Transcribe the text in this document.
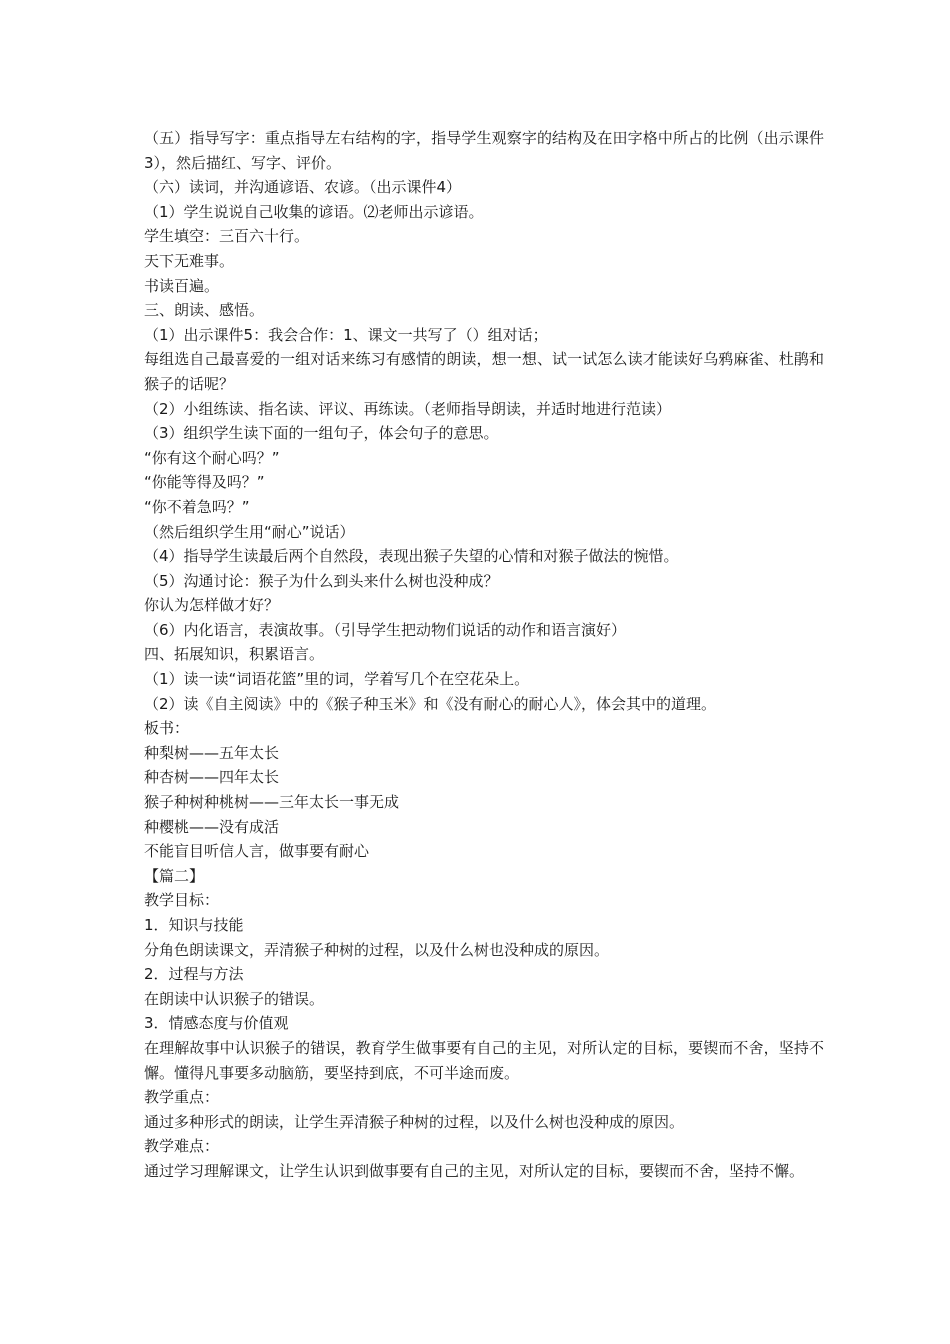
（五）指导写字：重点指导左右结构的字，指导学生观察字的结构及在田字格中所占的比例（出示课件3），然后描红、写字、评价。

（六）读词，并沟通谚语、农谚。（出示课件4）

（1）学生说说自己收集的谚语。⑵老师出示谚语。

学生填空：三百六十行。

天下无难事。

书读百遍。

三、朗读、感悟。

（1）出示课件5：我会合作：1、课文一共写了（）组对话；

每组选自己最喜爱的一组对话来练习有感情的朗读，想一想、试一试怎么读才能读好乌鸦麻雀、杜鹃和猴子的话呢？

（2）小组练读、指名读、评议、再练读。（老师指导朗读，并适时地进行范读）

（3）组织学生读下面的一组句子，体会句子的意思。

“你有这个耐心吗？”

“你能等得及吗？”

“你不着急吗？”

（然后组织学生用“耐心”说话）

（4）指导学生读最后两个自然段，表现出猴子失望的心情和对猴子做法的惋惜。

（5）沟通讨论：猴子为什么到头来什么树也没种成？

你认为怎样做才好？

（6）内化语言，表演故事。（引导学生把动物们说话的动作和语言演好）

四、拓展知识，积累语言。

（1）读一读“词语花篮”里的词，学着写几个在空花朵上。

（2）读《自主阅读》中的《猴子种玉米》和《没有耐心的耐心人》，体会其中的道理。

板书：

种梨树——五年太长

种杏树——四年太长

猴子种树种桃树——三年太长一事无成

种樱桃——没有成活

不能盲目听信人言，做事要有耐心

【篇二】

教学目标：

1．知识与技能

分角色朗读课文，弄清猴子种树的过程，以及什么树也没种成的原因。

2．过程与方法

在朗读中认识猴子的错误。

3．情感态度与价值观

在理解故事中认识猴子的错误，教育学生做事要有自己的主见，对所认定的目标，要锲而不舍，坚持不懈。懂得凡事要多动脑筋，要坚持到底，不可半途而废。

教学重点：

通过多种形式的朗读，让学生弄清猴子种树的过程，以及什么树也没种成的原因。

教学难点：

通过学习理解课文，让学生认识到做事要有自己的主见，对所认定的目标，要锲而不舍，坚持不懈。
